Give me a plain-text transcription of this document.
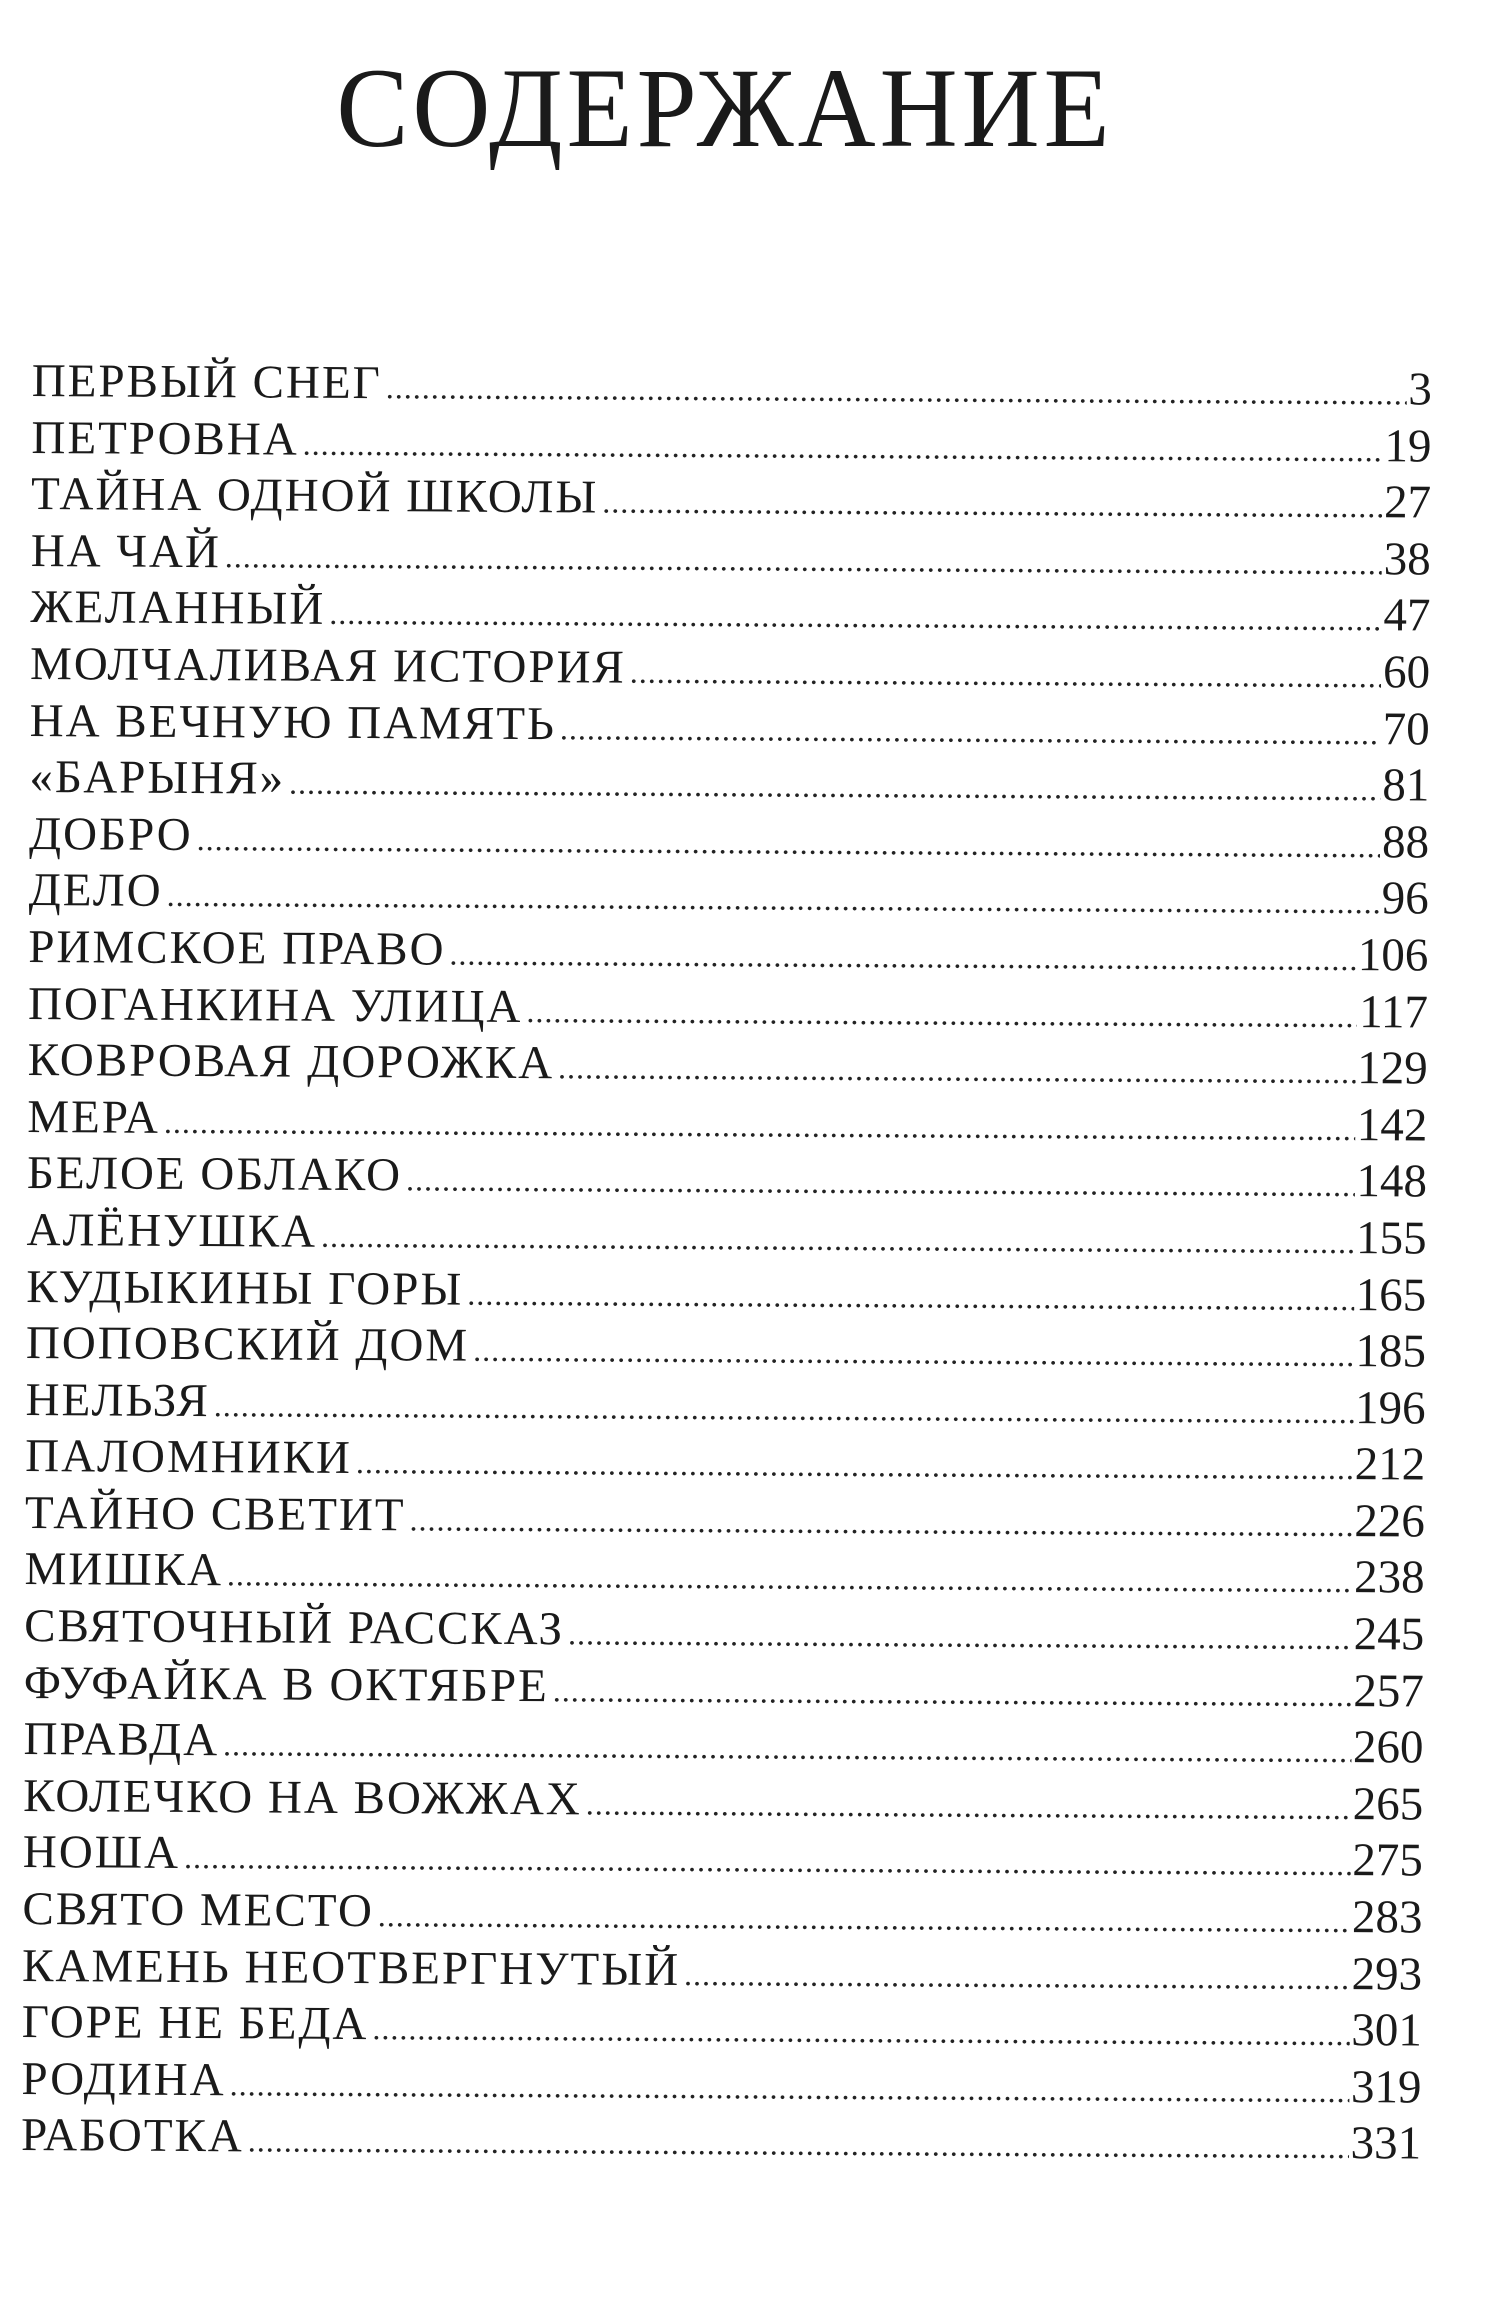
СОДЕРЖАНИЕ
ПЕРВЫЙ СНЕГ .....	3
ПЕТРОВНА .....	19
ТАЙНА ОДНОЙ ШКОЛЫ .....	27
НА ЧАЙ .....	38
ЖЕЛАННЫЙ .....	47
МОЛЧАЛИВАЯ ИСТОРИЯ .....	60
НА ВЕЧНУЮ ПАМЯТЬ .....	70
«БАРЫНЯ» .....	81
ДОБРО .....	88
ДЕЛО .....	96
РИМСКОЕ ПРАВО .....	106
ПОГАНКИНА УЛИЦА .....	117
КОВРОВАЯ ДОРОЖКА .....	129
МЕРА .....	142
БЕЛОЕ ОБЛАКО .....	148
АЛЁНУШКА .....	155
КУДЫКИНЫ ГОРЫ .....	165
ПОПОВСКИЙ ДОМ .....	185
НЕЛЬЗЯ .....	196
ПАЛОМНИКИ .....	212
ТАЙНО СВЕТИТ .....	226
МИШКА .....	238
СВЯТОЧНЫЙ РАССКАЗ .....	245
ФУФАЙКА В ОКТЯБРЕ .....	257
ПРАВДА .....	260
КОЛЕЧКО НА ВОЖЖАХ .....	265
НОША .....	275
СВЯТО МЕСТО .....	283
КАМЕНЬ НЕОТВЕРГНУТЫЙ .....	293
ГОРЕ НЕ БЕДА .....	301
РОДИНА .....	319
РАБОТКА .....	331
